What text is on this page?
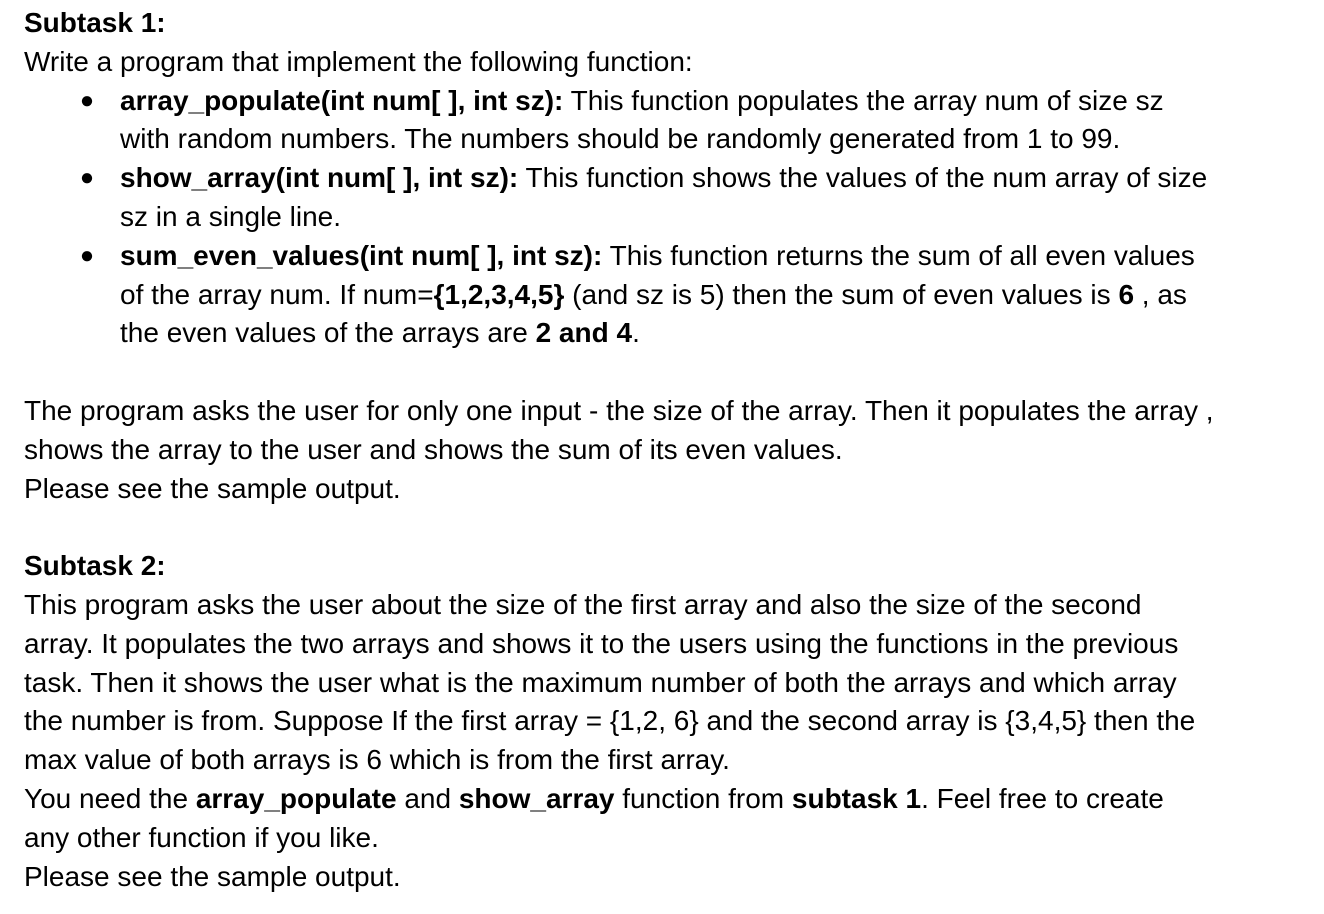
Subtask 1:
Write a program that implement the following function:
● array_populate(int num[ ], int sz): This function populates the array num of size sz
with random numbers. The numbers should be randomly generated from 1 to 99.
● show_array(int num[ ], int sz): This function shows the values of the num array of size
sz in a single line.
● sum_even_values(int num[ ], int sz): This function returns the sum of all even values
of the array num. If num={1,2,3,4,5} (and sz is 5) then the sum of even values is 6 , as
the even values of the arrays are 2 and 4.
The program asks the user for only one input - the size of the array. Then it populates the array ,
shows the array to the user and shows the sum of its even values.
Please see the sample output.
Subtask 2:
This program asks the user about the size of the first array and also the size of the second
array. It populates the two arrays and shows it to the users using the functions in the previous
task. Then it shows the user what is the maximum number of both the arrays and which array
the number is from. Suppose If the first array = {1,2, 6} and the second array is {3,4,5} then the
max value of both arrays is 6 which is from the first array.
You need the array_populate and show_array function from subtask 1. Feel free to create
any other function if you like.
Please see the sample output.
